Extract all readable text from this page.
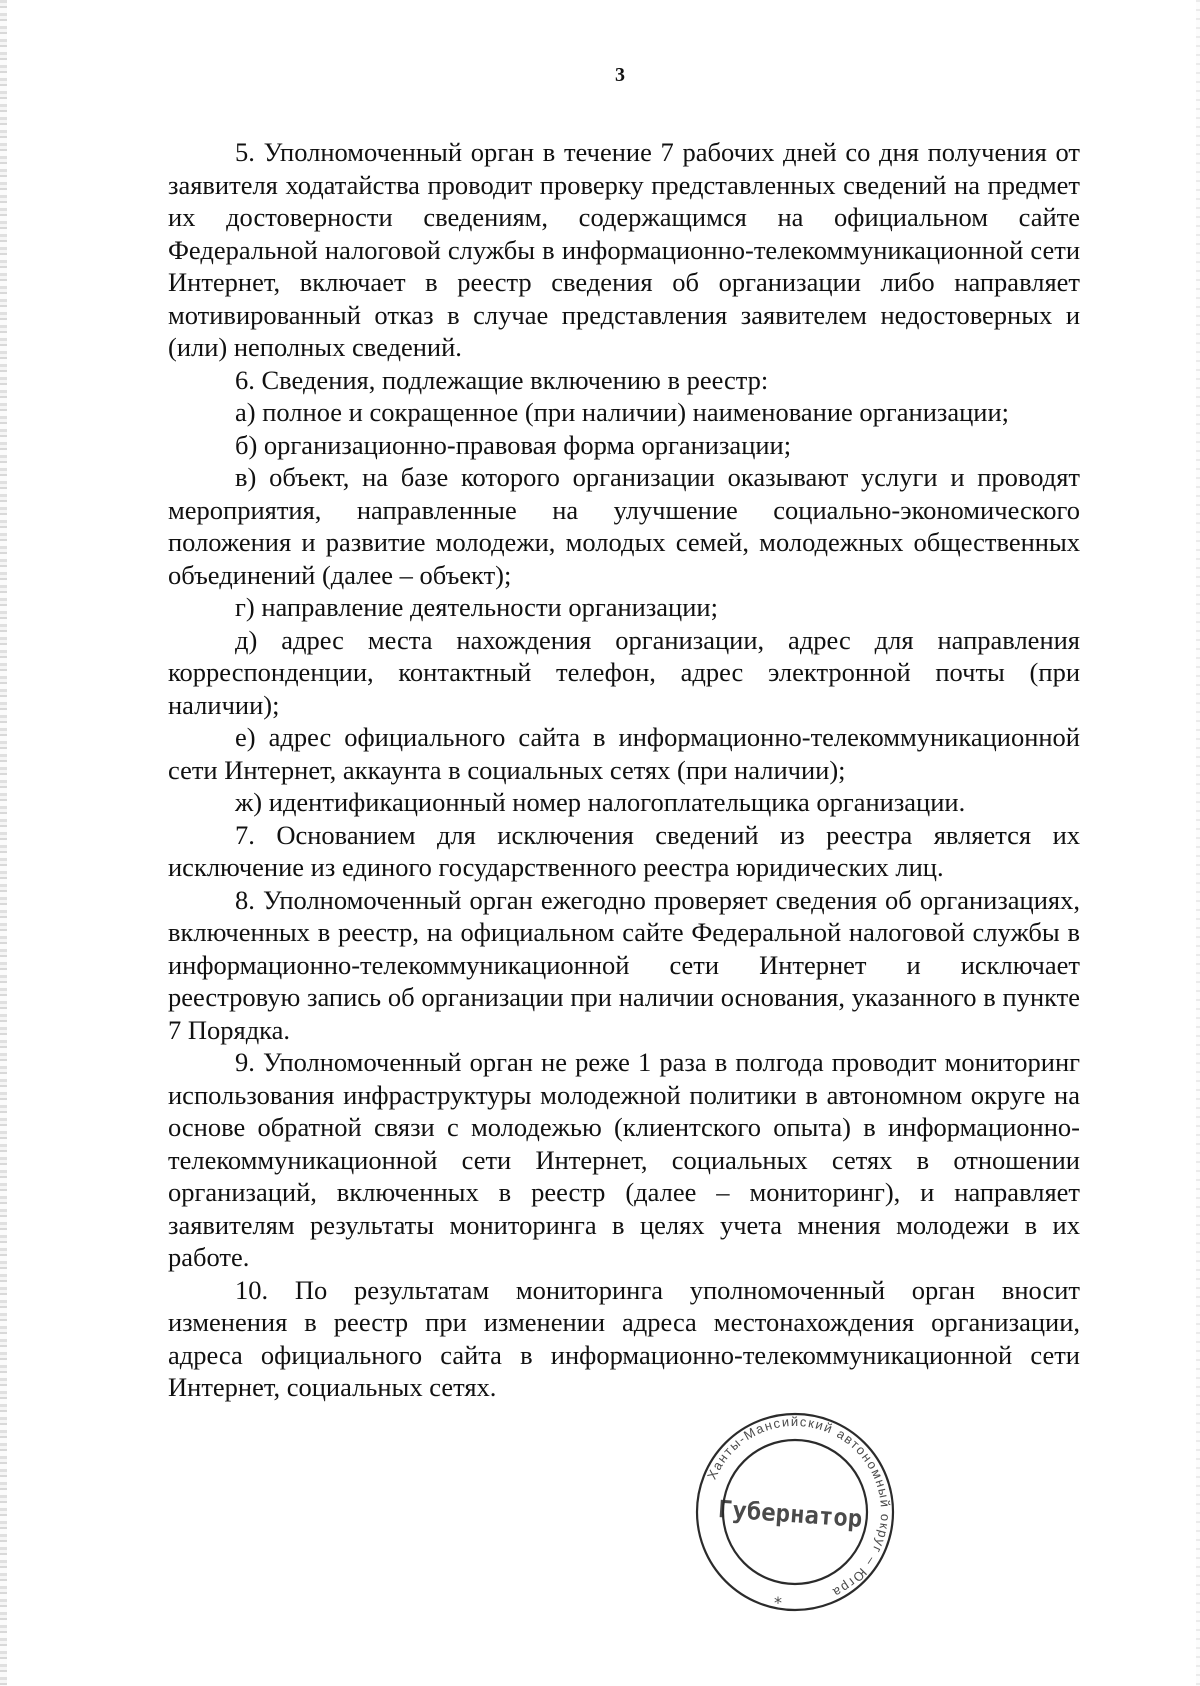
3

5. Уполномоченный орган в течение 7 рабочих дней со дня получения от заявителя ходатайства проводит проверку представленных сведений на предмет их достоверности сведениям, содержащимся на официальном сайте Федеральной налоговой службы в информационно-телекоммуникационной сети Интернет, включает в реестр сведения об организации либо направляет мотивированный отказ в случае представления заявителем недостоверных и (или) неполных сведений.

6. Сведения, подлежащие включению в реестр:

а) полное и сокращенное (при наличии) наименование организации;

б) организационно-правовая форма организации;

в) объект, на базе которого организации оказывают услуги и проводят мероприятия, направленные на улучшение социально-экономического положения и развитие молодежи, молодых семей, молодежных общественных объединений (далее – объект);

г) направление деятельности организации;

д) адрес места нахождения организации, адрес для направления корреспонденции, контактный телефон, адрес электронной почты (при наличии);

е) адрес официального сайта в информационно-телекоммуникационной сети Интернет, аккаунта в социальных сетях (при наличии);

ж) идентификационный номер налогоплательщика организации.

7. Основанием для исключения сведений из реестра является их исключение из единого государственного реестра юридических лиц.

8. Уполномоченный орган ежегодно проверяет сведения об организациях, включенных в реестр, на официальном сайте Федеральной налоговой службы в информационно-телекоммуникационной сети Интернет и исключает реестровую запись об организации при наличии основания, указанного в пункте 7 Порядка.

9. Уполномоченный орган не реже 1 раза в полгода проводит мониторинг использования инфраструктуры молодежной политики в автономном округе на основе обратной связи с молодежью (клиентского опыта) в информационно-телекоммуникационной сети Интернет, социальных сетях в отношении организаций, включенных в реестр (далее – мониторинг), и направляет заявителям результаты мониторинга в целях учета мнения молодежи в их работе.

10. По результатам мониторинга уполномоченный орган вносит изменения в реестр при изменении адреса местонахождения организации, адреса официального сайта в информационно-телекоммуникационной сети Интернет, социальных сетях.

Ханты-Мансийский автономный округ – Югра
Губернатор
*
